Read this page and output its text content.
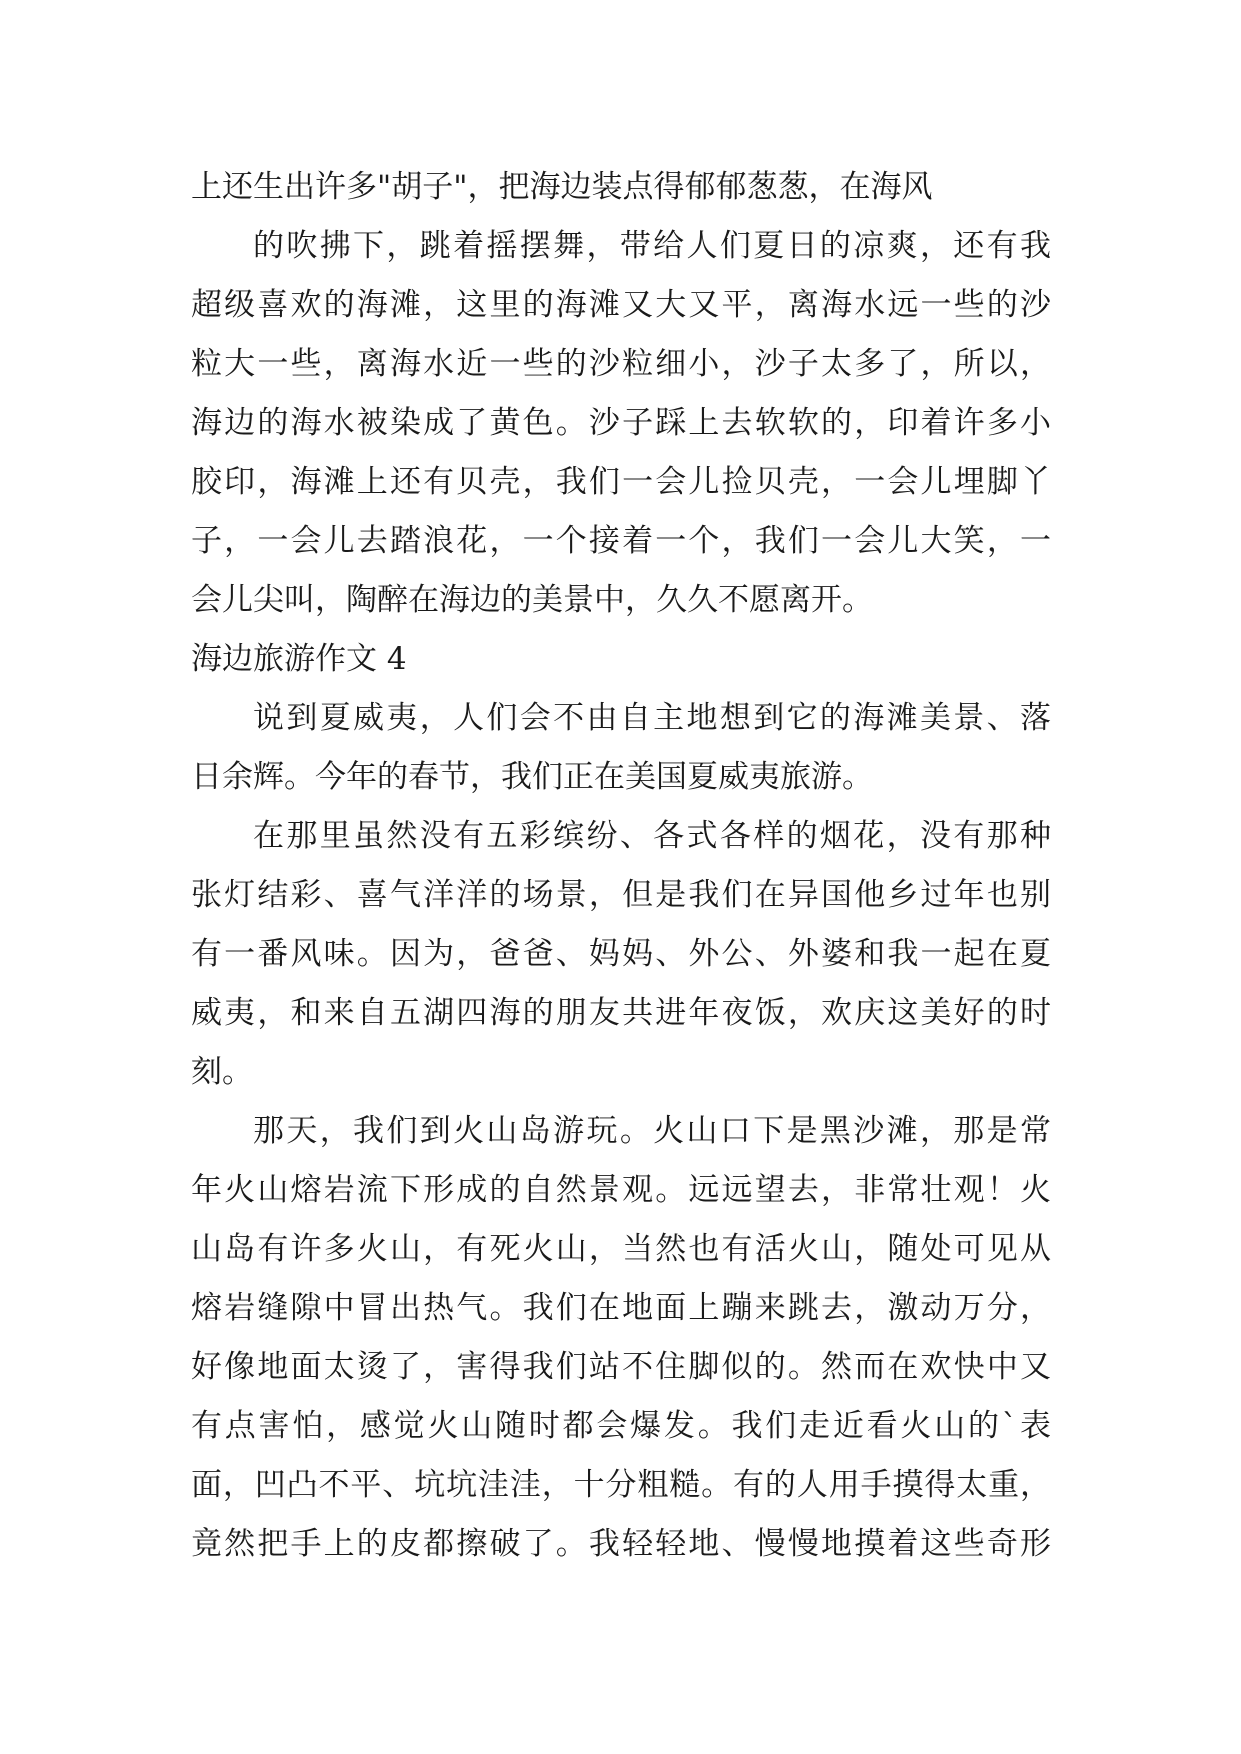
上还生出许多"胡子"，把海边装点得郁郁葱葱，在海风
的吹拂下，跳着摇摆舞，带给人们夏日的凉爽，还有我
超级喜欢的海滩，这里的海滩又大又平，离海水远一些的沙
粒大一些，离海水近一些的沙粒细小，沙子太多了，所以，
海边的海水被染成了黄色。沙子踩上去软软的，印着许多小
胶印，海滩上还有贝壳，我们一会儿捡贝壳，一会儿埋脚丫
子，一会儿去踏浪花，一个接着一个，我们一会儿大笑，一
会儿尖叫，陶醉在海边的美景中，久久不愿离开。
海边旅游作文 4
说到夏威夷，人们会不由自主地想到它的海滩美景、落
日余辉。今年的春节，我们正在美国夏威夷旅游。
在那里虽然没有五彩缤纷、各式各样的烟花，没有那种
张灯结彩、喜气洋洋的场景，但是我们在异国他乡过年也别
有一番风味。因为，爸爸、妈妈、外公、外婆和我一起在夏
威夷，和来自五湖四海的朋友共进年夜饭，欢庆这美好的时
刻。
那天，我们到火山岛游玩。火山口下是黑沙滩，那是常
年火山熔岩流下形成的自然景观。远远望去，非常壮观！火
山岛有许多火山，有死火山，当然也有活火山，随处可见从
熔岩缝隙中冒出热气。我们在地面上蹦来跳去，激动万分，
好像地面太烫了，害得我们站不住脚似的。然而在欢快中又
有点害怕，感觉火山随时都会爆发。我们走近看火山的`表
面，凹凸不平、坑坑洼洼，十分粗糙。有的人用手摸得太重，
竟然把手上的皮都擦破了。我轻轻地、慢慢地摸着这些奇形
